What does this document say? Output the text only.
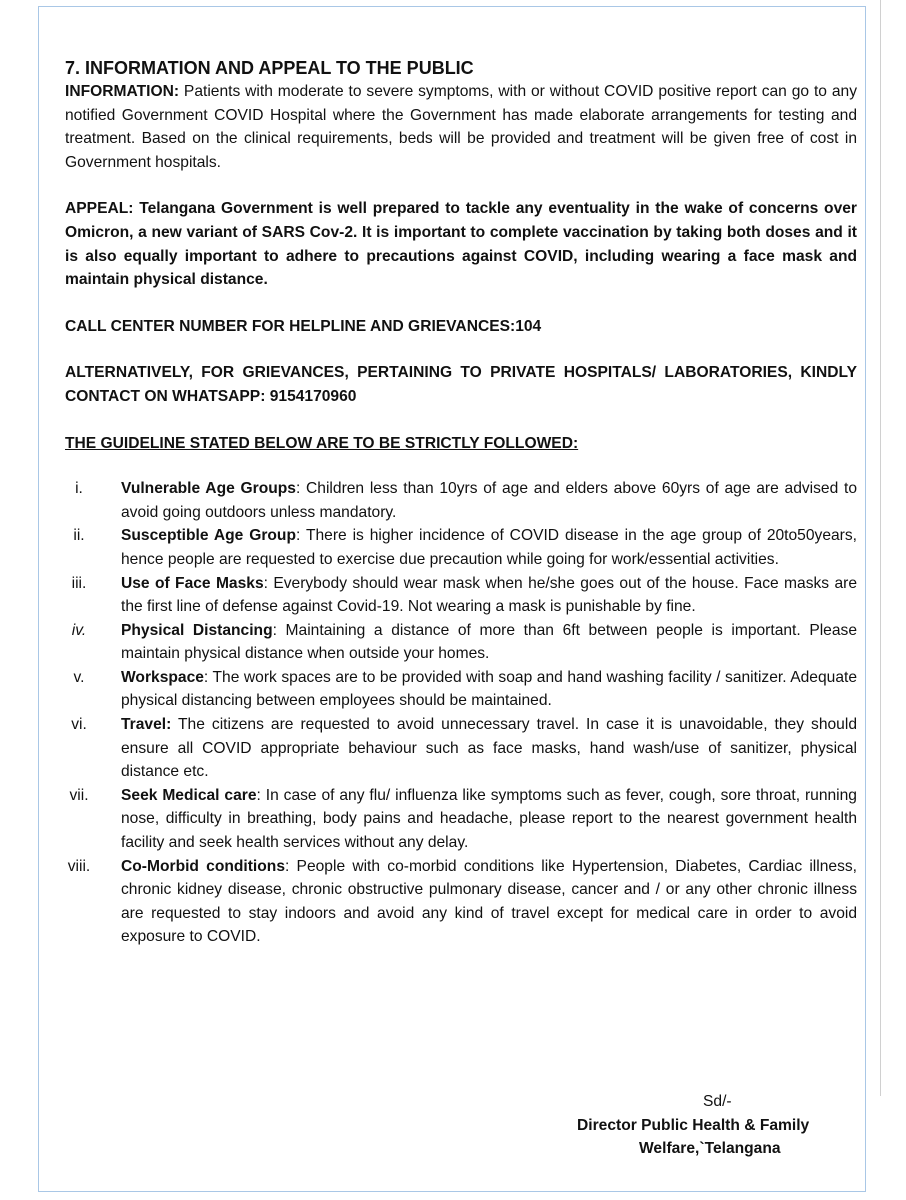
7. INFORMATION AND APPEAL TO THE PUBLIC

INFORMATION: Patients with moderate to severe symptoms, with or without COVID positive report can go to any notified Government COVID Hospital where the Government has made elaborate arrangements for testing and treatment. Based on the clinical requirements, beds will be provided and treatment will be given free of cost in Government hospitals.

APPEAL: Telangana Government is well prepared to tackle any eventuality in the wake of concerns over Omicron, a new variant of SARS Cov-2. It is important to complete vaccination by taking both doses and it is also equally important to adhere to precautions against COVID, including wearing a face mask and maintain physical distance.

CALL CENTER NUMBER FOR HELPLINE AND GRIEVANCES:104

ALTERNATIVELY, FOR GRIEVANCES, PERTAINING TO PRIVATE HOSPITALS/ LABORATORIES, KINDLY CONTACT ON WHATSAPP: 9154170960

THE GUIDELINE STATED BELOW ARE TO BE STRICTLY FOLLOWED:

i.	Vulnerable Age Groups: Children less than 10yrs of age and elders above 60yrs of age are advised to avoid going outdoors unless mandatory.
ii.	Susceptible Age Group: There is higher incidence of COVID disease in the age group of 20to50years, hence people are requested to exercise due precaution while going for work/essential activities.
iii.	Use of Face Masks: Everybody should wear mask when he/she goes out of the house. Face masks are the first line of defense against Covid-19. Not wearing a mask is punishable by fine.
iv.	Physical Distancing: Maintaining a distance of more than 6ft between people is important. Please maintain physical distance when outside your homes.
v.	Workspace: The work spaces are to be provided with soap and hand washing facility / sanitizer. Adequate physical distancing between employees should be maintained.
vi.	Travel: The citizens are requested to avoid unnecessary travel. In case it is unavoidable, they should ensure all COVID appropriate behaviour such as face masks, hand wash/use of sanitizer, physical distance etc.
vii. Seek Medical care: In case of any flu/ influenza like symptoms such as fever, cough, sore throat, running nose, difficulty in breathing, body pains and headache, please report to the nearest government health facility and seek health services without any delay.
viii. Co-Morbid conditions: People with co-morbid conditions like Hypertension, Diabetes, Cardiac illness, chronic kidney disease, chronic obstructive pulmonary disease, cancer and / or any other chronic illness are requested to stay indoors and avoid any kind of travel except for medical care in order to avoid exposure to COVID.
Sd/-
Director Public Health & Family
Welfare,`Telangana
